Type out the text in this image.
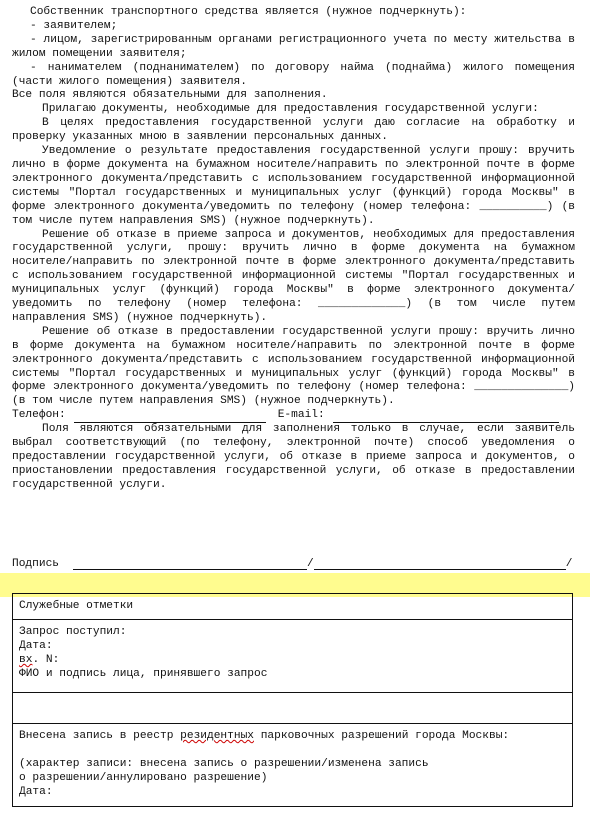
Собственник транспортного средства является (нужное подчеркнуть):

- заявителем;

- лицом, зарегистрированным органами регистрационного учета по месту жительства в жилом помещении заявителя;

- нанимателем (поднанимателем) по договору найма (поднайма) жилого помещения (части жилого помещения) заявителя.

Все поля являются обязательными для заполнения.

Прилагаю документы, необходимые для предоставления государственной услуги:

В целях предоставления государственной услуги даю согласие на обработку и проверку указанных мною в заявлении персональных данных.

Уведомление о результате предоставления государственной услуги прошу: вручить лично в форме документа на бумажном носителе/направить по электронной почте в форме электронного документа/представить с использованием государственной информационной системы "Портал государственных и муниципальных услуг (функций) города Москвы" в форме электронного документа/уведомить по телефону (номер телефона: __________) (в том числе путем направления SMS) (нужное подчеркнуть).

Решение об отказе в приеме запроса и документов, необходимых для предоставления государственной услуги, прошу: вручить лично в форме документа на бумажном носителе/направить по электронной почте в форме электронного документа/представить с использованием государственной информационной системы "Портал государственных и муниципальных услуг (функций) города Москвы" в форме электронного документа/уведомить по телефону (номер телефона: _____________) (в том числе путем направления SMS) (нужное подчеркнуть).

Решение об отказе в предоставлении государственной услуги прошу: вручить лично в форме документа на бумажном носителе/направить по электронной почте в форме электронного документа/представить с использованием государственной информационной системы "Портал государственных и муниципальных услуг (функций) города Москвы" в форме электронного документа/уведомить по телефону (номер телефона: ______________) (в том числе путем направления SMS) (нужное подчеркнуть).

Телефон:	E-mail:

Поля являются обязательными для заполнения только в случае, если заявитель выбрал соответствующий (по телефону, электронной почте) способ уведомления о предоставлении государственной услуги, об отказе в приеме запроса и документов, о приостановлении предоставления государственной услуги, об отказе в предоставлении государственной услуги.

Подпись	/	/
Служебные отметки
Запрос поступил:
Дата:
вх. N:
ФИО и подпись лица, принявшего запрос
Внесена запись в реестр резидентных парковочных разрешений города Москвы:
(характер записи: внесена запись о разрешении/изменена запись
о разрешении/аннулировано разрешение)
Дата:
